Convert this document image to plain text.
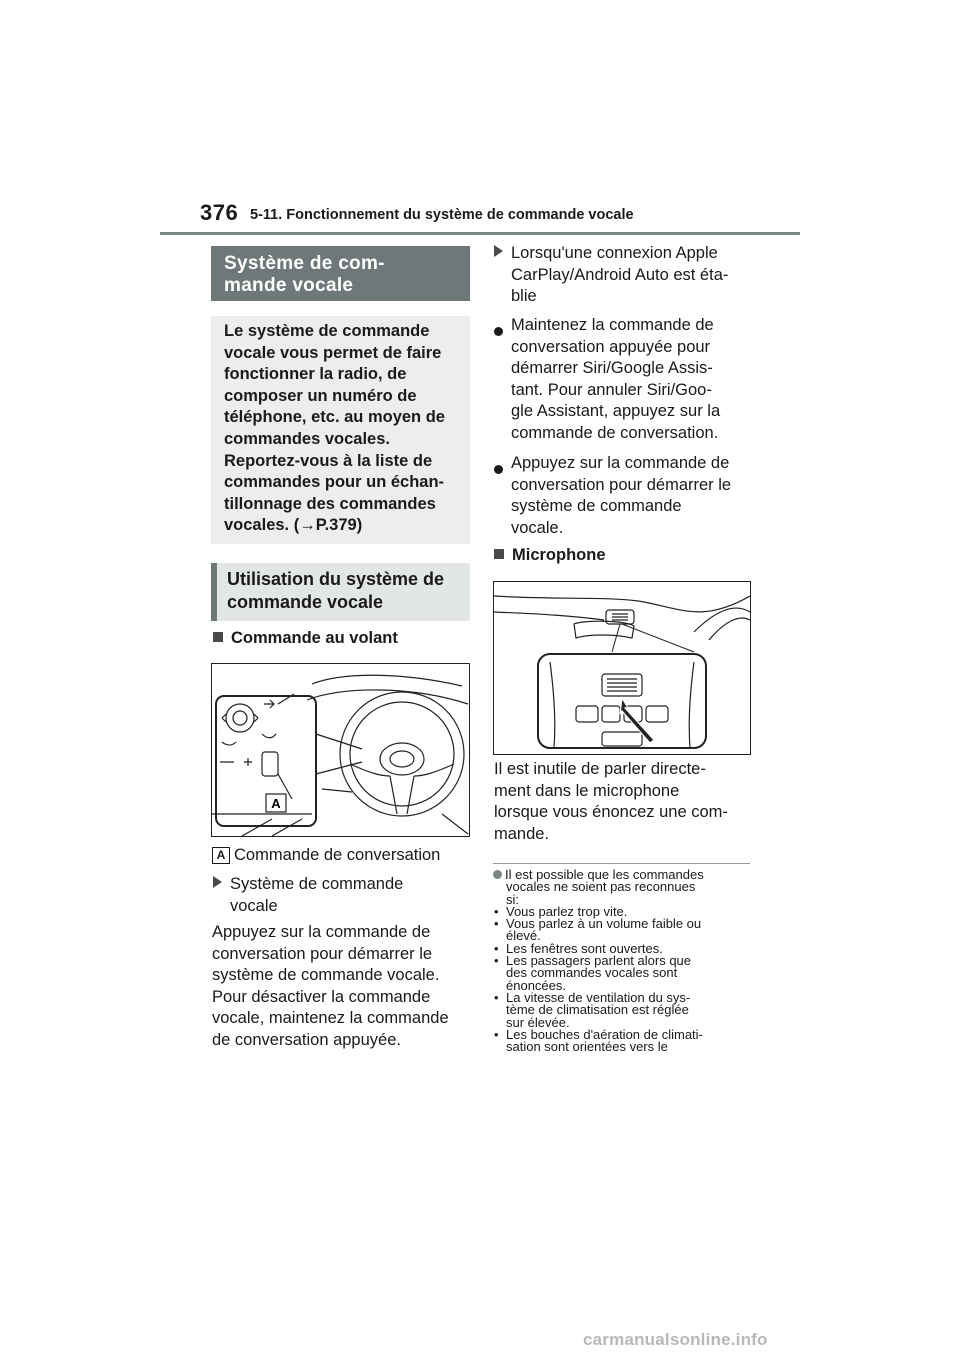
376 5-11. Fonctionnement du système de commande vocale
Système de com-
mande vocale
Le système de commande
vocale vous permet de faire
fonctionner la radio, de
composer un numéro de
téléphone, etc. au moyen de
commandes vocales.
Reportez-vous à la liste de
commandes pour un échan-
tillonnage des commandes
vocales. (→P.379)
Utilisation du système de
commande vocale
Commande au volant
A
A Commande de conversation
Système de commande
vocale
Appuyez sur la commande de
conversation pour démarrer le
système de commande vocale.
Pour désactiver la commande
vocale, maintenez la commande
de conversation appuyée.
Lorsqu'une connexion Apple
CarPlay/Android Auto est éta-
blie
Maintenez la commande de
conversation appuyée pour
démarrer Siri/Google Assis-
tant. Pour annuler Siri/Goo-
gle Assistant, appuyez sur la
commande de conversation.
Appuyez sur la commande de
conversation pour démarrer le
système de commande
vocale.
Microphone
Il est inutile de parler directe-
ment dans le microphone
lorsque vous énoncez une com-
mande.
Il est possible que les commandes
vocales ne soient pas reconnues
si:
• Vous parlez trop vite.
• Vous parlez à un volume faible ou
élevé.
• Les fenêtres sont ouvertes.
• Les passagers parlent alors que
des commandes vocales sont
énoncées.
• La vitesse de ventilation du sys-
tème de climatisation est réglée
sur élevée.
• Les bouches d'aération de climati-
sation sont orientées vers le
carmanualsonline.info
